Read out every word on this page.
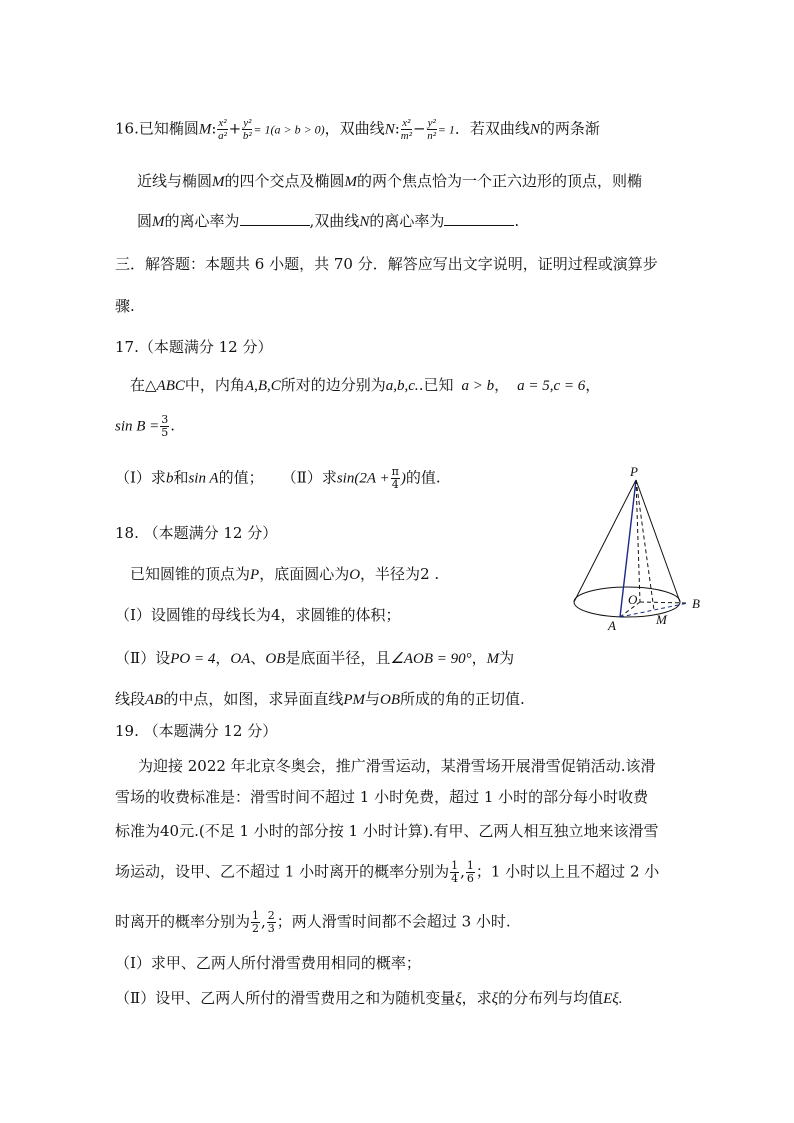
16.已知椭圆M: $\frac{\text{x²}}{\text{a²}} + \frac{\text{y²}}{\text{b²}} = 1(a > b > 0)$，双曲线N: $\frac{\text{x²}}{\text{m²}} - \frac{\text{y²}}{\text{n²}} = 1$．若双曲线N的两条渐
近线与椭圆M的四个交点及椭圆M的两个焦点恰为一个正六边形的顶点，则椭
圆M的离心率为	,双曲线N的离心率为	.
三．解答题：本题共 6 小题，共 70 分．解答应写出文字说明，证明过程或演算步
骤.
17.（本题满分 12 分）
在△ABC中，内角A,B,C所对的边分别为a,b,c..已知 a > b， a = 5,c = 6，
$\sin B = \frac{3}{5}$ .
（Ⅰ）求b和sin A的值； （Ⅱ）求$\sin(2A + \frac{\pi}{4}$ )的值.
18. （本题满分 12 分）
已知圆锥的顶点为P，底面圆心为O，半径为2 .
（Ⅰ）设圆锥的母线长为4，求圆锥的体积；
（Ⅱ）设PO = 4，OA、OB是底面半径，且∠AOB = 90°，M为
线段AB的中点，如图，求异面直线PM与OB所成的角的正切值.
P
O
A
B
M
19. （本题满分 12 分）
为迎接 2022 年北京冬奥会，推广滑雪运动，某滑雪场开展滑雪促销活动.该滑
雪场的收费标准是：滑雪时间不超过 1 小时免费，超过 1 小时的部分每小时收费
标准为40元.(不足 1 小时的部分按 1 小时计算).有甲、乙两人相互独立地来该滑雪
场运动，设甲、乙不超过 1 小时离开的概率分别为 $\frac{1}{4}$ , $\frac{1}{6}$ ；1 小时以上且不超过 2 小
时离开的概率分别为 $\frac{1}{2}$ , $\frac{2}{3}$ ；两人滑雪时间都不会超过 3 小时.
（Ⅰ）求甲、乙两人所付滑雪费用相同的概率；
（Ⅱ）设甲、乙两人所付的滑雪费用之和为随机变量ξ，求ξ的分布列与均值Eξ.
